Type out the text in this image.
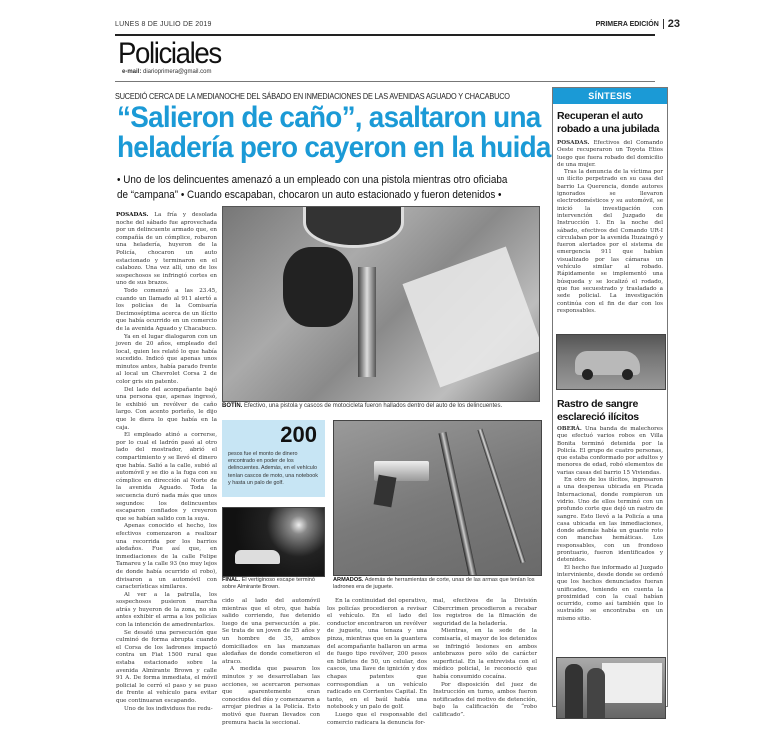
LUNES 8 DE JULIO DE 2019	PRIMERA EDICIÓN 23
Policiales
e-mail: diarioprimera@gmail.com
SUCEDIÓ CERCA DE LA MEDIANOCHE DEL SÁBADO EN INMEDIACIONES DE LAS AVENIDAS AGUADO Y CHACABUCO
“Salieron de caño”, asaltaron una
heladería pero cayeron en la huida
• Uno de los delincuentes amenazó a un empleado con una pistola mientras otro oficiaba
de “campana” • Cuando escapaban, chocaron un auto estacionado y fueron detenidos •

POSADAS. La fría y desolada noche del sábado fue aprovechada por un delincuente armado que, en compañía de un cómplice, robaron una heladería, huyeron de la Policía, chocaron un auto estacionado y terminaron en el calabozo. Una vez allí, uno de los sospechosos se infringió cortes en uno de sus brazos.

Todo comenzó a las 23.45, cuando un llamado al 911 alertó a los policías de la Comisaría Decimoséptima acerca de un ilícito que había ocurrido en un comercio de la avenida Aguado y Chacabuco.

Ya en el lugar dialogaron con un joven de 20 años, empleado del local, quien les relató lo que había sucedido. Indicó que apenas unos minutos antes, había parado frente al local un Chevrolet Corsa 2 de color gris sin patente.

Del lado del acompañante bajó una persona que, apenas ingresó, le exhibió un revólver de caño largo. Con acento porteño, le dijo que le diera lo que había en la caja.

El empleado atinó a correrse, por lo cual el ladrón pasó al otro lado del mostrador, abrió el compartimiento y se llevó el dinero que había. Salió a la calle, subió al automóvil y se dio a la fuga con su cómplice en dirección al Norte de la avenida Aguado. Toda la secuencia duró nada más que unos segundos: los delincuentes escaparon confiados y creyeron que se habían salido con la suya.

Apenas conocido el hecho, los efectivos comenzaron a realizar una recorrida por los barrios aledaños. Fue así que, en inmediaciones de la calle Felipe Tamareu y la calle 93 (no muy lejos de donde había ocurrido el robo), divisaron a un automóvil con características similares.

Al ver a la patrulla, los sospechosos pusieron marcha atrás y huyeron de la zona, no sin antes exhibir el arma a los policías con la intención de amedrentarlos.

Se desató una persecución que culminó de forma abrupta cuando el Corsa de los ladrones impactó contra un Fiat 1500 rural que estaba estacionado sobre la avenida Almirante Brown y calle 91 A. De forma inmediata, el móvil policial le cerró el paso y se puso de frente al vehículo para evitar que continuaran escapando.

Uno de los individuos fue redu-

BOTÍN. Efectivo, una pistola y cascos de motocicleta fueron hallados dentro del auto de los delincuentes.
200
pesos fue el monto de dinero encontrado en poder de los delincuentes. Además, en el vehículo tenían cascos de moto, una notebook y hasta un palo de golf.
FINAL. El vertiginoso escape terminó sobre Almirante Brown.
ARMADOS. Además de herramientas de corte, unas de las armas que tenían los ladrones era de juguete.

cido al lado del automóvil mientras que el otro, que había salido corriendo, fue detenido luego de una persecución a pie. Se trata de un joven de 25 años y un hombre de 35, ambos domiciliados en las manzanas aledañas de donde cometieron el atraco.

A medida que pasaron los minutos y se desarrollaban las acciones, se acercaron personas que aparentemente eran conocidos del dúo y comenzaron a arrojar piedras a la Policía. Esto motivó que fueran llevados con premura hacia la seccional.

En la continuidad del operativo, los policías procedieron a revisar el vehículo. En el lado del conductor encontraron un revólver de juguete, una tenaza y una pinza, mientras que en la guantera del acompañante hallaron un arma de fuego tipo revólver, 200 pesos en billetes de 50, un celular, dos cascos, una llave de ignición y dos chapas patentes que correspondían a un vehículo radicado en Corrientes Capital. En tanto, en el baúl había una notebook y un palo de golf.

Luego que el responsable del comercio radicara la denuncia for-

mal, efectivos de la División Cibercrimen procedieron a recabar los registros de la filmación de seguridad de la heladería.

Mientras, en la sede de la comisaría, el mayor de los detenidos se infringió lesiones en ambos antebrazos pero sólo de carácter superficial. En la entrevista con el médico policial, le reconoció que había consumido cocaína.

Por disposición del juez de Instrucción en turno, ambos fueron notificados del motivo de detención, bajo la calificación de “robo calificado”.

SÍNTESIS
Recuperan el auto robado a una jubilada

POSADAS. Efectivos del Comando Oeste recuperaron un Toyota Etios luego que fuera robado del domicilio de una mujer.

Tras la denuncia de la víctima por un ilícito perpetrado en su casa del barrio La Querencia, donde autores ignorados se llevaron electrodomésticos y su automóvil, se inició la investigación con intervención del Juzgado de Instrucción 1. En la noche del sábado, efectivos del Comando UR-I circulaban por la avenida Ituzaingó y fueron alertados por el sistema de emergencia 911 que habían visualizado por las cámaras un vehículo similar al robado. Rápidamente se implementó una búsqueda y se localizó el rodado, que fue secuestrado y trasladado a sede policial. La investigación continúa con el fin de dar con los responsables.

Rastro de sangre esclareció ilícitos

OBERÁ. Una banda de malechores que efectuó varios robos en Villa Bonita terminó detenida por la Policía. El grupo de cuatro personas, que estaba conformado por adultos y menores de edad, robó elementos de varias casas del barrio 15 Viviendas.

En otro de los ilícitos, ingresaron a una despensa ubicada en Picada Internacional, donde rompieron un vidrio. Uno de ellos terminó con un profundo corte que dejó un rastro de sangre. Esto llevó a la Policía a una casa ubicada en las inmediaciones, donde además había un guante roto con manchas hemáticas. Los responsables, con un frondoso prontuario, fueron identificados y detenidos.

El hecho fue informado al Juzgado interviniente, desde donde se ordenó que los hechos denunciados fueran unificados, teniendo en cuenta la proximidad con la cual habían ocurrido, como así también que lo sustraído se encontraba en un mismo sitio.
